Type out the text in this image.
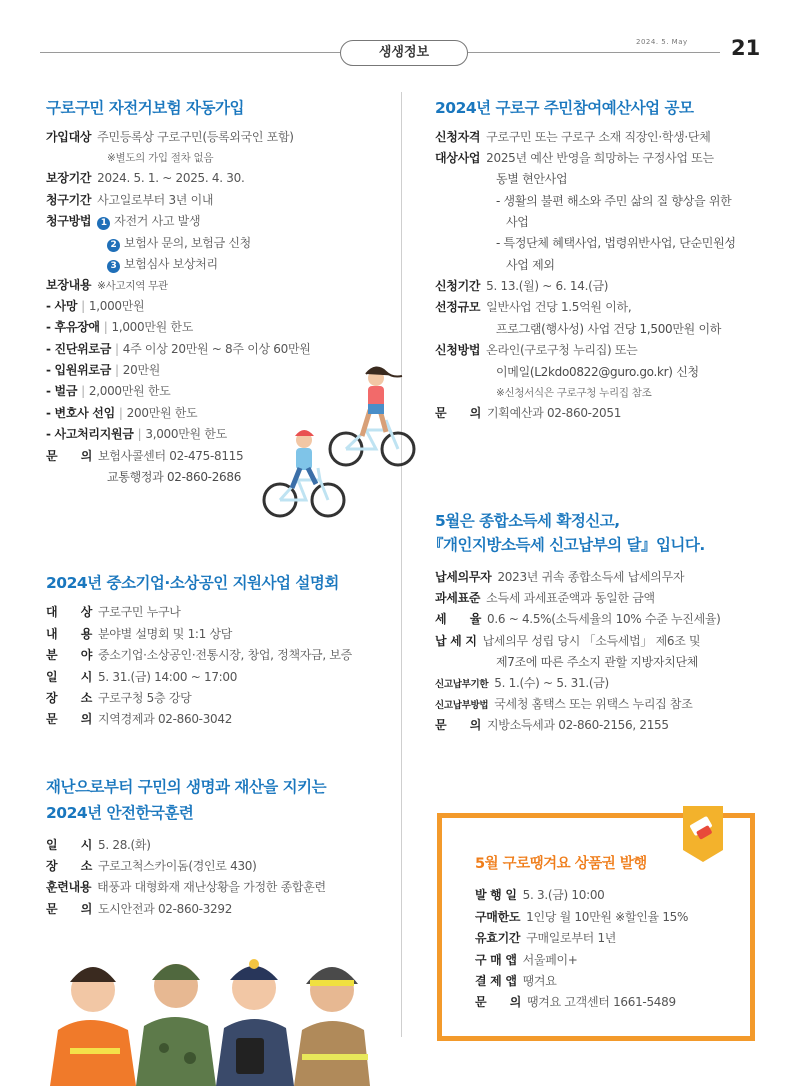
생생정보
2024. 5. May 21
구로구민 자전거보험 자동가입
가입대상 주민등록상 구로구민(등록외국인 포함)
※별도의 가입 절차 없음
보장기간 2024. 5. 1. ~ 2025. 4. 30.
청구기간 사고일로부터 3년 이내
청구방법 1 자전거 사고 발생
2 보험사 문의, 보험금 신청
3 보험심사 보상처리
보장내용 ※사고지역 무관
- 사망 | 1,000만원
- 후유장애 | 1,000만원 한도
- 진단위로금 | 4주 이상 20만원 ~ 8주 이상 60만원
- 입원위로금 | 20만원
- 벌금 | 2,000만원 한도
- 변호사 선임 | 200만원 한도
- 사고처리지원금 | 3,000만원 한도
문　　의 보험사콜센터 02-475-8115
교통행정과 02-860-2686
2024년 중소기업·소상공인 지원사업 설명회
대　　상 구로구민 누구나
내　　용 분야별 설명회 및 1:1 상담
분　　야 중소기업·소상공인·전통시장, 창업, 정책자금, 보증
일　　시 5. 31.(금) 14:00 ~ 17:00
장　　소 구로구청 5층 강당
문　　의 지역경제과 02-860-3042
재난으로부터 구민의 생명과 재산을 지키는
2024년 안전한국훈련
일　　시 5. 28.(화)
장　　소 구로고척스카이돔(경인로 430)
훈련내용 태풍과 대형화재 재난상황을 가정한 종합훈련
문　　의 도시안전과 02-860-3292
2024년 구로구 주민참여예산사업 공모
신청자격 구로구민 또는 구로구 소재 직장인·학생·단체
대상사업 2025년 예산 반영을 희망하는 구정사업 또는
동별 현안사업
- 생활의 불편 해소와 주민 삶의 질 향상을 위한
사업
- 특정단체 혜택사업, 법령위반사업, 단순민원성
사업 제외
신청기간 5. 13.(월) ~ 6. 14.(금)
선정규모 일반사업 건당 1.5억원 이하,
프로그램(행사성) 사업 건당 1,500만원 이하
신청방법 온라인(구로구청 누리집) 또는
이메일(L2kdo0822@guro.go.kr) 신청
※신청서식은 구로구청 누리집 참조
문　　의 기획예산과 02-860-2051
5월은 종합소득세 확정신고,
『개인지방소득세 신고납부의 달』입니다.
납세의무자 2023년 귀속 종합소득세 납세의무자
과세표준 소득세 과세표준액과 동일한 금액
세　　율 0.6 ~ 4.5%(소득세율의 10% 수준 누진세율)
납 세 지 납세의무 성립 당시 「소득세법」 제6조 및
제7조에 따른 주소지 관할 지방자치단체
신고납부기한 5. 1.(수) ~ 5. 31.(금)
신고납부방법 국세청 홈택스 또는 위택스 누리집 참조
문　　의 지방소득세과 02-860-2156, 2155
5월 구로땡겨요 상품권 발행
발 행 일 5. 3.(금) 10:00
구매한도 1인당 월 10만원 ※할인율 15%
유효기간 구매일로부터 1년
구 매 앱 서울페이+
결 제 앱 땡겨요
문　　의 땡겨요 고객센터 1661-5489
